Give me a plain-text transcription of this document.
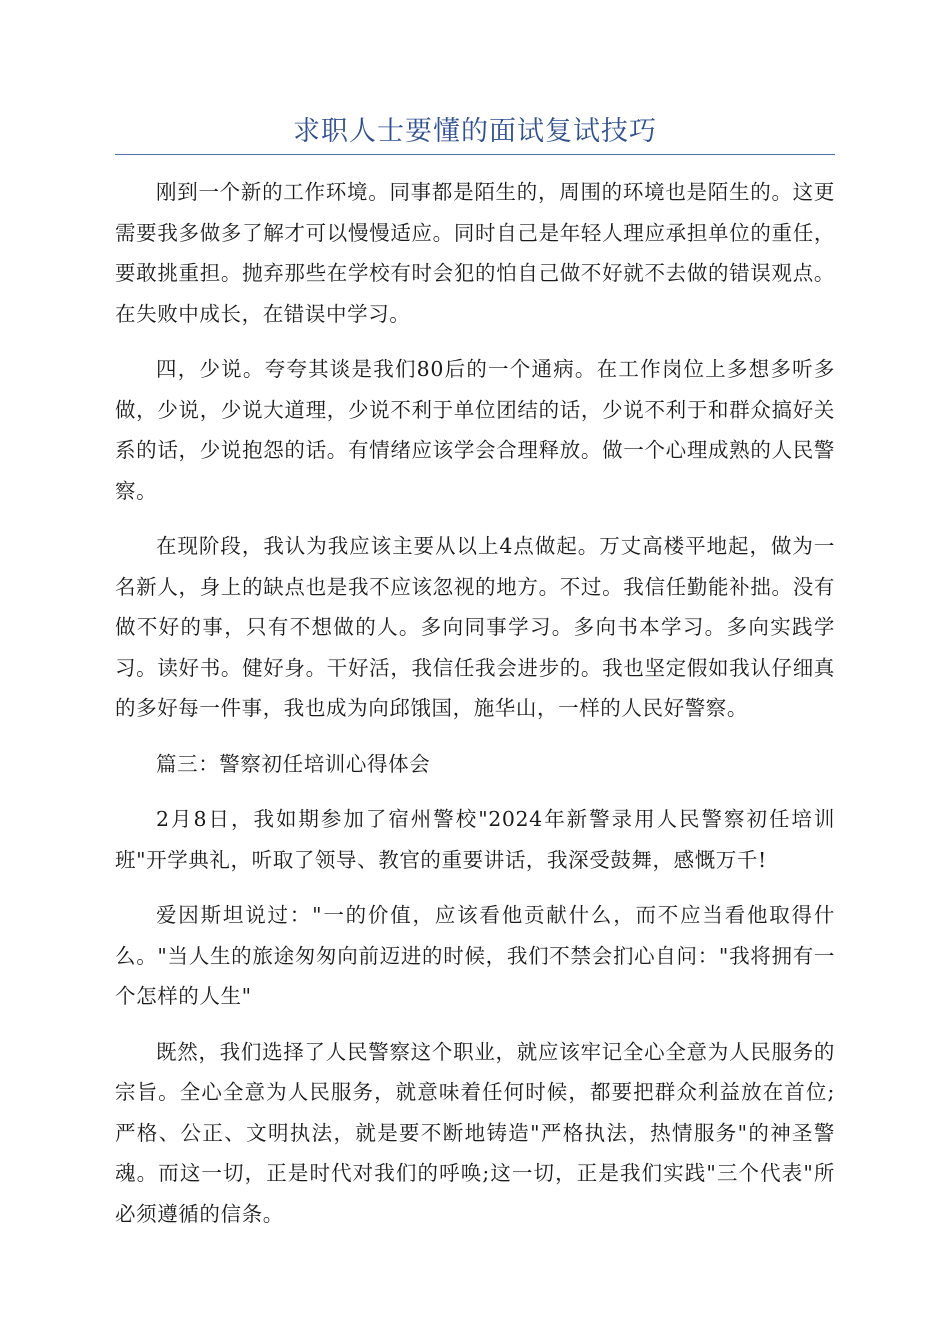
求职人士要懂的面试复试技巧

刚到一个新的工作环境。同事都是陌生的，周围的环境也是陌生的。这更需要我多做多了解才可以慢慢适应。同时自己是年轻人理应承担单位的重任，要敢挑重担。抛弃那些在学校有时会犯的怕自己做不好就不去做的错误观点。在失败中成长，在错误中学习。

四，少说。夸夸其谈是我们80后的一个通病。在工作岗位上多想多听多做，少说，少说大道理，少说不利于单位团结的话，少说不利于和群众搞好关系的话，少说抱怨的话。有情绪应该学会合理释放。做一个心理成熟的人民警察。

在现阶段，我认为我应该主要从以上4点做起。万丈高楼平地起，做为一名新人，身上的缺点也是我不应该忽视的地方。不过。我信任勤能补拙。没有做不好的事，只有不想做的人。多向同事学习。多向书本学习。多向实践学习。读好书。健好身。干好活，我信任我会进步的。我也坚定假如我认仔细真的多好每一件事，我也成为向邱饿国，施华山，一样的人民好警察。

篇三：警察初任培训心得体会

2月8日，我如期参加了宿州警校"2024年新警录用人民警察初任培训班"开学典礼，听取了领导、教官的重要讲话，我深受鼓舞，感慨万千!

爱因斯坦说过："一的价值，应该看他贡献什么，而不应当看他取得什么。"当人生的旅途匆匆向前迈进的时候，我们不禁会扪心自问："我将拥有一个怎样的人生"

既然，我们选择了人民警察这个职业，就应该牢记全心全意为人民服务的宗旨。全心全意为人民服务，就意味着任何时候，都要把群众利益放在首位;严格、公正、文明执法，就是要不断地铸造"严格执法，热情服务"的神圣警魂。而这一切，正是时代对我们的呼唤;这一切，正是我们实践"三个代表"所必须遵循的信条。
